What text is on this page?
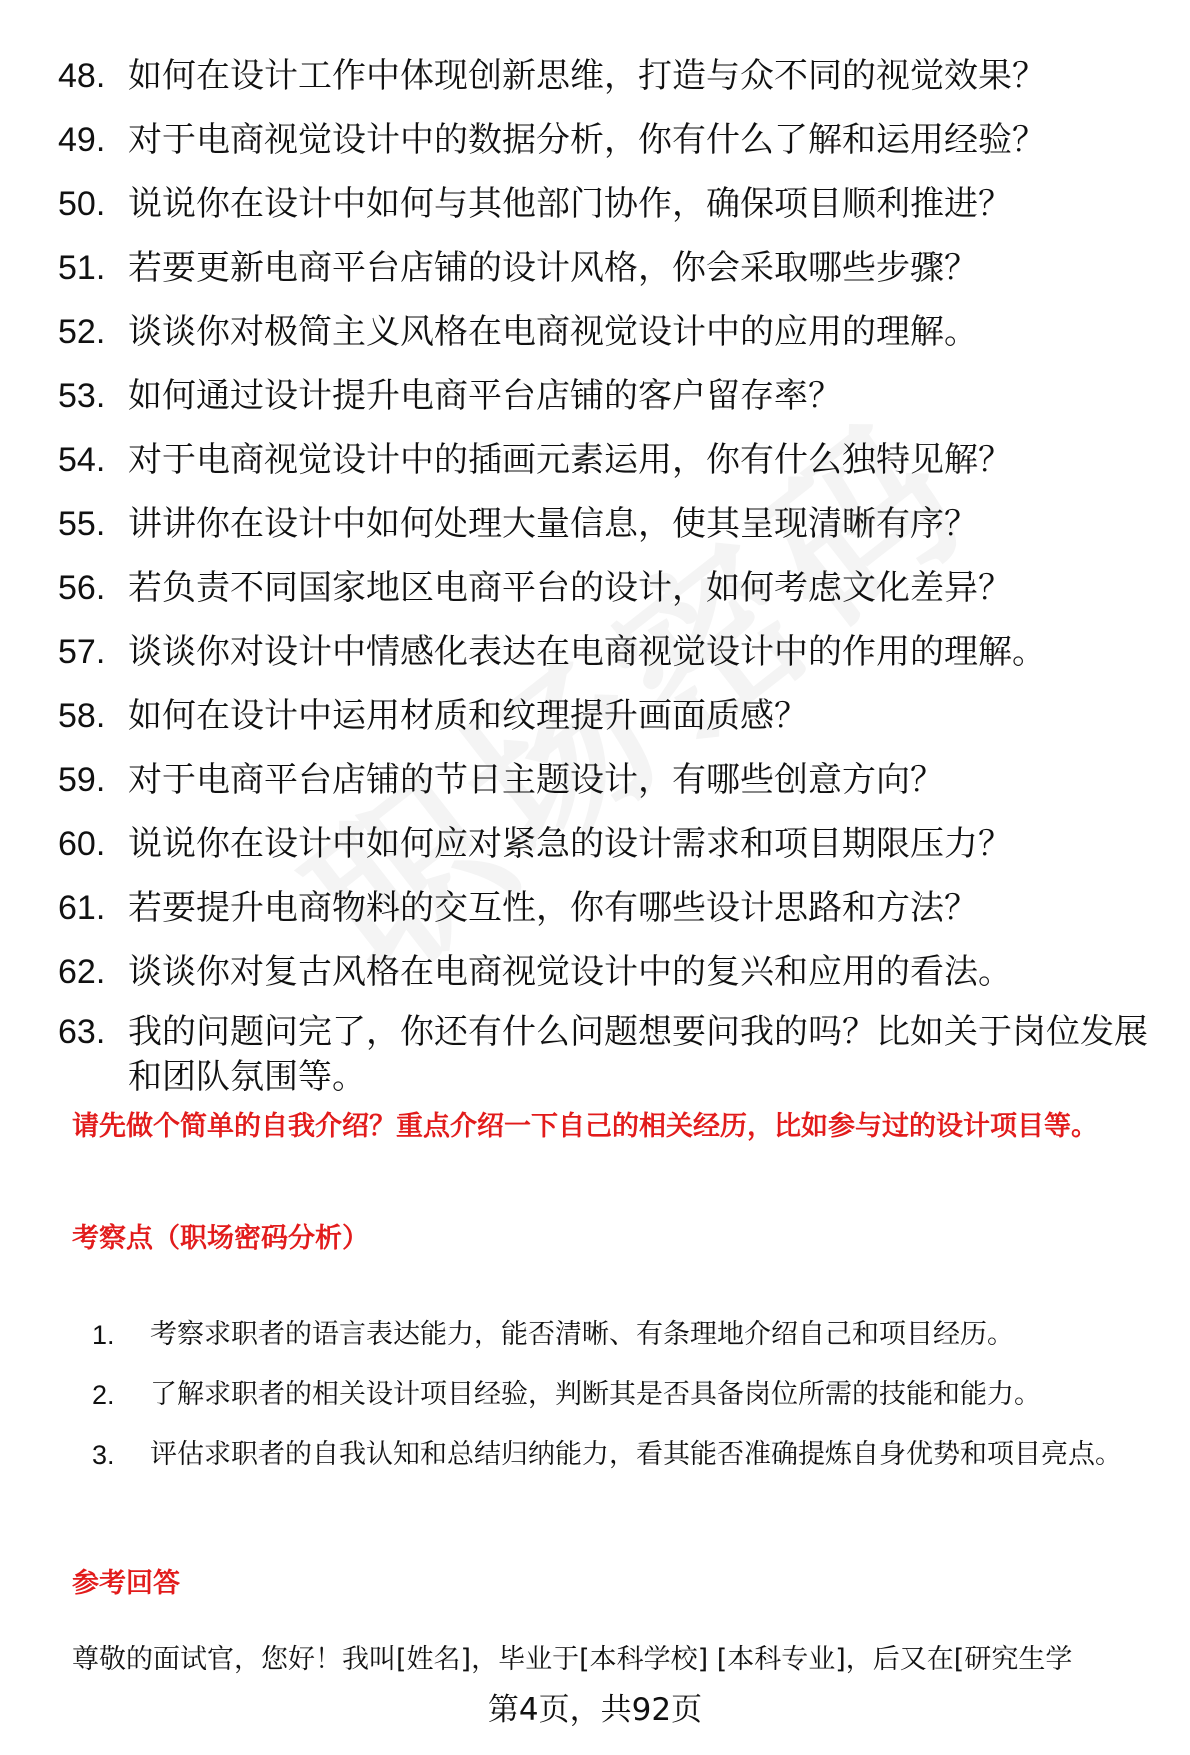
48. 如何在设计工作中体现创新思维，打造与众不同的视觉效果？
49. 对于电商视觉设计中的数据分析，你有什么了解和运用经验？
50. 说说你在设计中如何与其他部门协作，确保项目顺利推进？
51. 若要更新电商平台店铺的设计风格，你会采取哪些步骤？
52. 谈谈你对极简主义风格在电商视觉设计中的应用的理解。
53. 如何通过设计提升电商平台店铺的客户留存率？
54. 对于电商视觉设计中的插画元素运用，你有什么独特见解？
55. 讲讲你在设计中如何处理大量信息，使其呈现清晰有序？
56. 若负责不同国家地区电商平台的设计，如何考虑文化差异？
57. 谈谈你对设计中情感化表达在电商视觉设计中的作用的理解。
58. 如何在设计中运用材质和纹理提升画面质感？
59. 对于电商平台店铺的节日主题设计，有哪些创意方向？
60. 说说你在设计中如何应对紧急的设计需求和项目期限压力？
61. 若要提升电商物料的交互性，你有哪些设计思路和方法？
62. 谈谈你对复古风格在电商视觉设计中的复兴和应用的看法。
63. 我的问题问完了，你还有什么问题想要问我的吗？比如关于岗位发展和团队氛围等。
请先做个简单的自我介绍？重点介绍一下自己的相关经历，比如参与过的设计项目等。
考察点（职场密码分析）
1.	考察求职者的语言表达能力，能否清晰、有条理地介绍自己和项目经历。
2.	了解求职者的相关设计项目经验，判断其是否具备岗位所需的技能和能力。
3.	评估求职者的自我认知和总结归纳能力，看其能否准确提炼自身优势和项目亮点。
参考回答
尊敬的面试官，您好！我叫[姓名]，毕业于[本科学校] [本科专业]，后又在[研究生学
第4页，共92页
